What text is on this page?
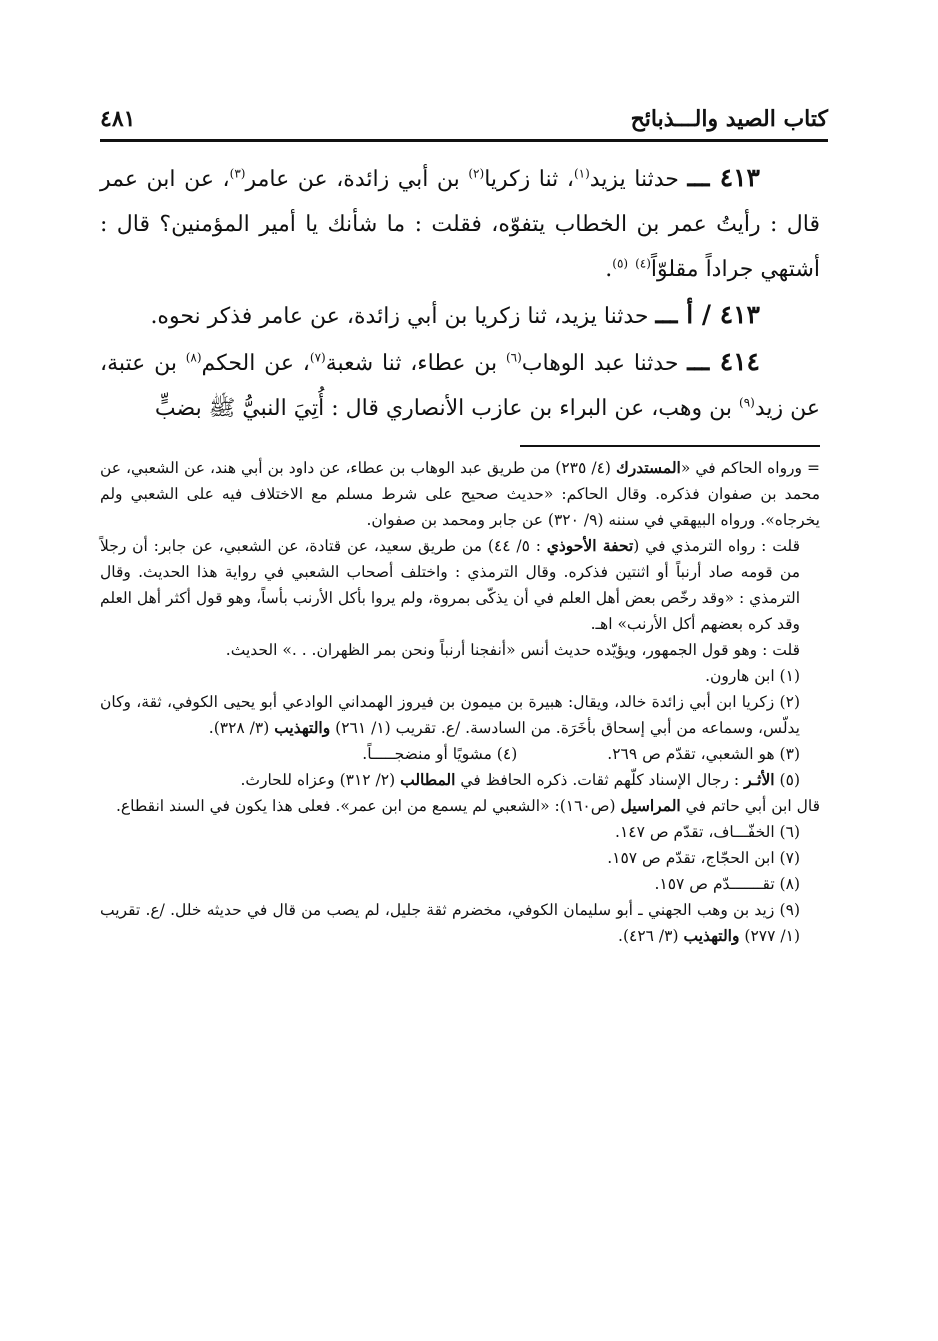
كتاب الصيد والـــذبائح
٤٨١

٤١٣ ـــ حدثنا يزيد$^{(١)}$، ثنا زكريا$^{(٢)}$ بن أبي زائدة، عن عامر$^{(٣)}$، عن ابن عمر قال : رأيتُ عمر بن الخطاب يتفوّه، فقلت : ما شأنك يا أمير المؤمنين؟ قال : أشتهي جراداً مقلوّاً$^{(٤)}$ $^{(٥)}$.

٤١٣ / أ ـــ حدثنا يزيد، ثنا زكريا بن أبي زائدة، عن عامر فذكر نحوه.

٤١٤ ـــ حدثنا عبد الوهاب$^{(٦)}$ بن عطاء، ثنا شعبة$^{(٧)}$، عن الحكم$^{(٨)}$ بن عتبة، عن زيد$^{(٩)}$ بن وهب، عن البراء بن عازب الأنصاري قال : أُتِيَ النبيُّ ﷺ بضبٍّ

= ورواه الحاكم في «المستدرك (٤/ ٢٣٥) من طريق عبد الوهاب بن عطاء، عن داود بن أبي هند، عن الشعبي، عن محمد بن صفوان فذكره. وقال الحاكم: «حديث صحيح على شرط مسلم مع الاختلاف فيه على الشعبي ولم يخرجاه». ورواه البيهقي في سننه (٩/ ٣٢٠) عن جابر ومحمد بن صفوان.

قلت : رواه الترمذي في (تحفة الأحوذي : ٥/ ٤٤) من طريق سعيد، عن قتادة، عن الشعبي، عن جابر: أن رجلاً من قومه صاد أرنباً أو اثنتين فذكره. وقال الترمذي : واختلف أصحاب الشعبي في رواية هذا الحديث. وقال الترمذي : «وقد رخّص بعض أهل العلم في أن يذكّى بمروة، ولم يروا بأكل الأرنب بأساً، وهو قول أكثر أهل العلم وقد كره بعضهم أكل الأرنب» اهـ.

قلت : وهو قول الجمهور، ويؤيّده حديث أنس «أنفجنا أرنباً ونحن بمر الظهران. . .» الحديث.

(١) ابن هارون.

(٢) زكريا ابن أبي زائدة خالد، ويقال: هبيرة بن ميمون بن فيروز الهمداني الوادعي أبو يحيى الكوفي، ثقة، وكان يدلّس، وسماعه من أبي إسحاق بأخَرَة. من السادسة. /ع. تقريب (١/ ٢٦١) والتهذيب (٣/ ٣٢٨).

(٣) هو الشعبي، تقدّم ص ٢٦٩.
(٤) مشويًا أو منضجـــــاً.

(٥) الأثـر : رجال الإسناد كلّهم ثقات. ذكره الحافظ في المطالب (٢/ ٣١٢) وعزاه للحارث.

قال ابن أبي حاتم في المراسيل (ص١٦٠): «الشعبي لم يسمع من ابن عمر». فعلى هذا يكون في السند انقطاع.

(٦) الخفّـــاف، تقدّم ص ١٤٧.

(٧) ابن الحجّاج، تقدّم ص ١٥٧.

(٨) تقـــــــدّم ص ١٥٧.

(٩) زيد بن وهب الجهني ـ أبو سليمان الكوفي، مخضرم ثقة جليل، لم يصب من قال في حديثه خلل. /ع. تقريب (١/ ٢٧٧) والتهذيب (٣/ ٤٢٦).
